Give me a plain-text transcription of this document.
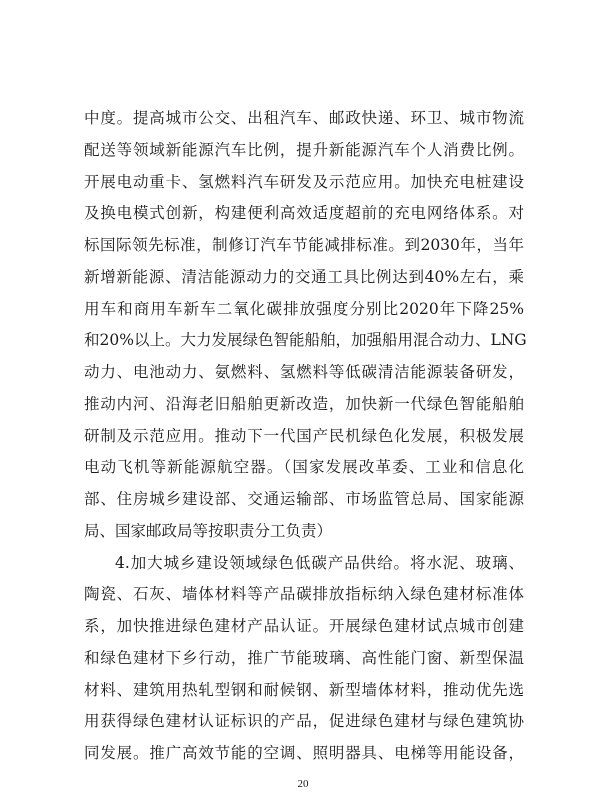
中度。提高城市公交、出租汽车、邮政快递、环卫、城市物流
配送等领域新能源汽车比例，提升新能源汽车个人消费比例。
开展电动重卡、氢燃料汽车研发及示范应用。加快充电桩建设
及换电模式创新，构建便利高效适度超前的充电网络体系。对
标国际领先标准，制修订汽车节能减排标准。到2030年，当年
新增新能源、清洁能源动力的交通工具比例达到40%左右，乘
用车和商用车新车二氧化碳排放强度分别比2020年下降25%
和20%以上。大力发展绿色智能船舶，加强船用混合动力、LNG
动力、电池动力、氨燃料、氢燃料等低碳清洁能源装备研发，
推动内河、沿海老旧船舶更新改造，加快新一代绿色智能船舶
研制及示范应用。推动下一代国产民机绿色化发展，积极发展
电动飞机等新能源航空器。（国家发展改革委、工业和信息化
部、住房城乡建设部、交通运输部、市场监管总局、国家能源
局、国家邮政局等按职责分工负责）
4.加大城乡建设领域绿色低碳产品供给。将水泥、玻璃、
陶瓷、石灰、墙体材料等产品碳排放指标纳入绿色建材标准体
系，加快推进绿色建材产品认证。开展绿色建材试点城市创建
和绿色建材下乡行动，推广节能玻璃、高性能门窗、新型保温
材料、建筑用热轧型钢和耐候钢、新型墙体材料，推动优先选
用获得绿色建材认证标识的产品，促进绿色建材与绿色建筑协
同发展。推广高效节能的空调、照明器具、电梯等用能设备，
20
